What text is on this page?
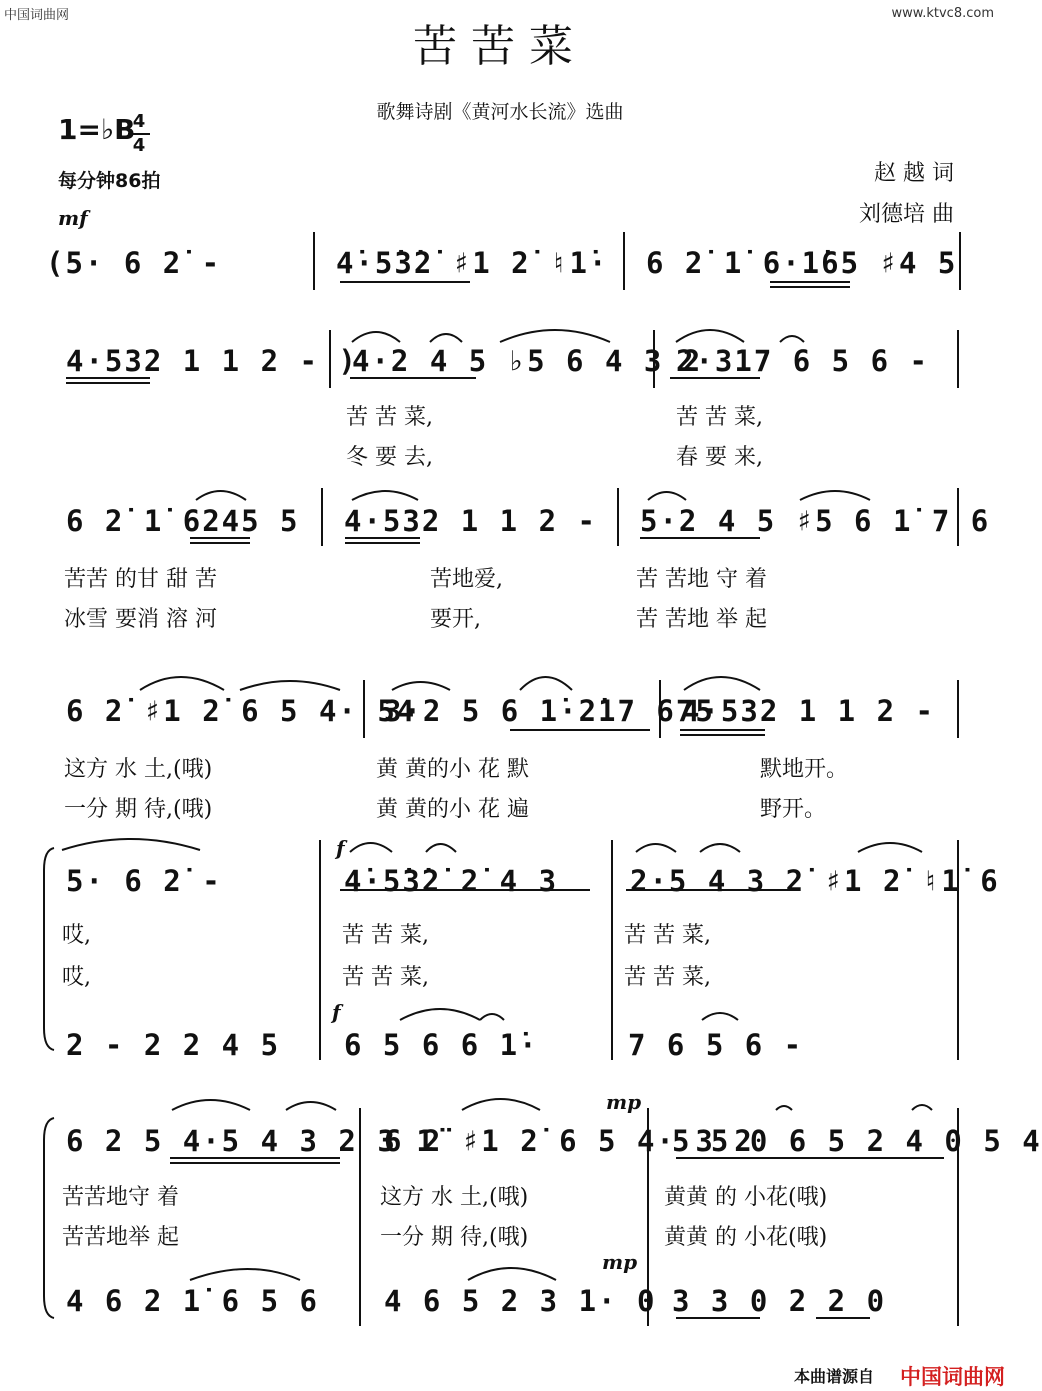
中国词曲网	www.ktvc8.com
苦苦菜
歌舞诗剧《黄河水长流》选曲
1=♭B
4
4
每分钟86拍	赵 越 词
刘德培 曲
mf
f
f
mp
mp
(5· 6 2̇ -	4̇·5̇3̇2̇ ♯1 2̇ ♮1̇· 6 2̇ 1̇ 6·1̇65 ♯4 5
4·532 1 1 2 - )
4·2 4 5 ♭5 6 4 3 2
2·317 6 5 6 -
苦 苦 菜,	苦 苦 菜,
冬 要 去,	春 要 来,
6 2̇ 1̇ 6245 5 4·532 1 1 2 - 5·2 4 5 ♯5 6 1̇ 7 6
苦苦 的甘 甜 苦	苦地爱,	苦 苦地 守 着
冰雪 要消 溶 河	要开,	苦 苦地 举 起
6 2̇ ♯1 2̇ 6 5 4· 54
3·2 5 6 1̇·2̇17 675
4·532 1 1 2 -
这方 水 土,(哦)	黄 黄的小 花 默	默地开。
一分 期 待,(哦)	黄 黄的小 花 遍	野开。
5· 6 2̇ -	4̇·5̇3̇2̇ 2̇ 4 3 2·5 4 3 2̇ ♯1 2̇ ♮1̇ 6
哎,	苦 苦 菜,	苦 苦 菜,
哎,	苦 苦 菜,	苦 苦 菜,
2 - 2 2 4 5 6 5 6 6 1̇·	7 6 5 6 -
6 2 5 4·5 4 3 2 3 1̇
6 2̇ ♯1 2̇ 6 5 4· 3 2
5 5 0 6 5 2 4 0 5 4
苦苦地守 着	这方 水 土,(哦)	黄黄 的 小花(哦)
苦苦地举 起	一分 期 待,(哦)	黄黄 的 小花(哦)
4 6 2 1̇ 6 5 6 4 6 5 2 3 1· 0 3 3 0 2 2 0
本曲谱源自 中国词曲网
